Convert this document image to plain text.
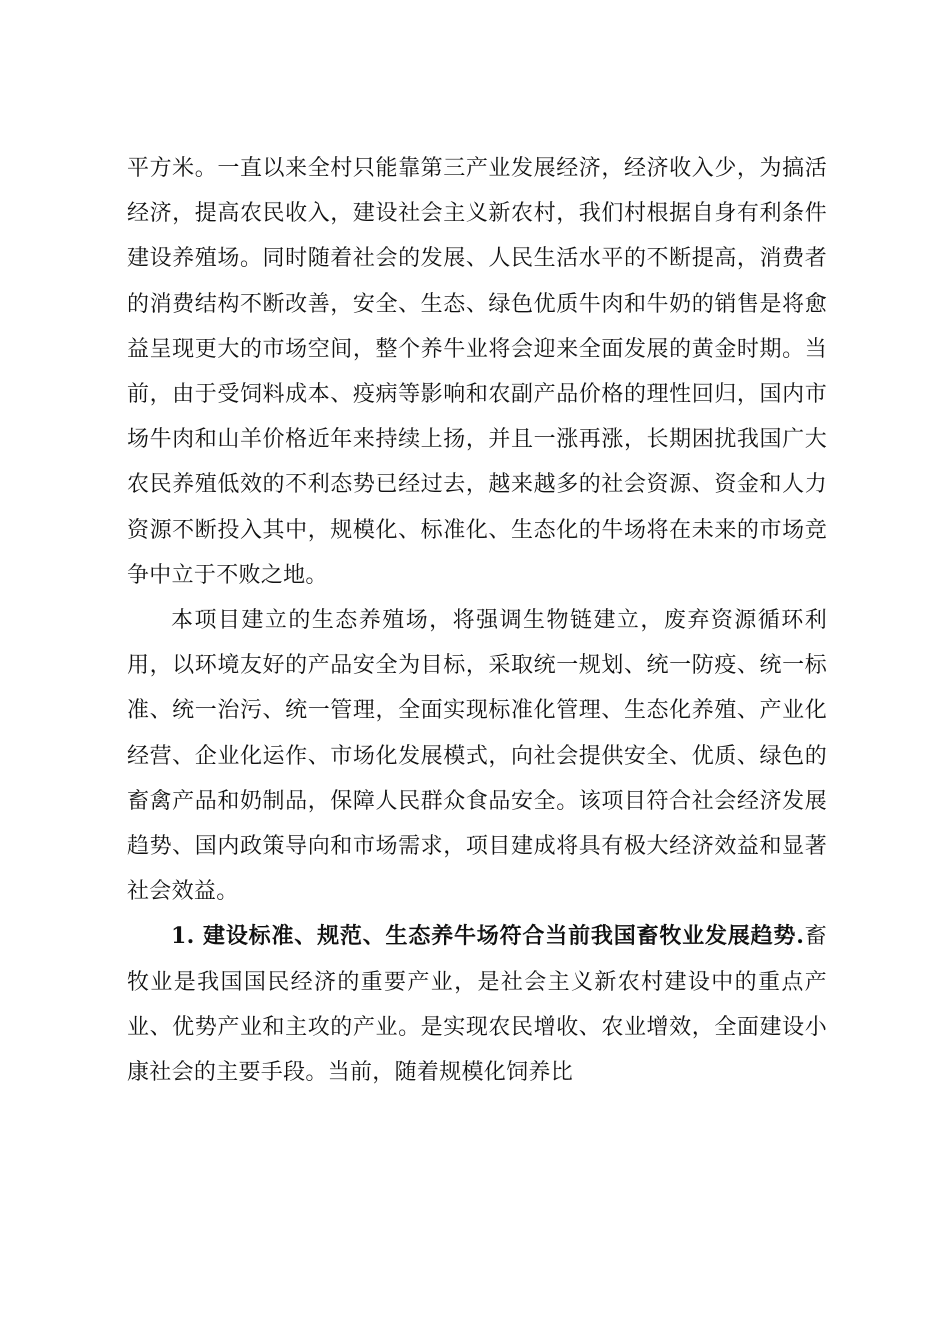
平方米。一直以来全村只能靠第三产业发展经济，经济收入少，为搞活经济，提高农民收入，建设社会主义新农村，我们村根据自身有利条件建设养殖场。同时随着社会的发展、人民生活水平的不断提高，消费者的消费结构不断改善，安全、生态、绿色优质牛肉和牛奶的销售是将愈益呈现更大的市场空间，整个养牛业将会迎来全面发展的黄金时期。当前，由于受饲料成本、疫病等影响和农副产品价格的理性回归，国内市场牛肉和山羊价格近年来持续上扬，并且一涨再涨，长期困扰我国广大农民养殖低效的不利态势已经过去，越来越多的社会资源、资金和人力资源不断投入其中，规模化、标准化、生态化的牛场将在未来的市场竞争中立于不败之地。

本项目建立的生态养殖场，将强调生物链建立，废弃资源循环利用，以环境友好的产品安全为目标，采取统一规划、统一防疫、统一标准、统一治污、统一管理，全面实现标准化管理、生态化养殖、产业化经营、企业化运作、市场化发展模式，向社会提供安全、优质、绿色的畜禽产品和奶制品，保障人民群众食品安全。该项目符合社会经济发展趋势、国内政策导向和市场需求，项目建成将具有极大经济效益和显著社会效益。

1. 建设标准、规范、生态养牛场符合当前我国畜牧业发展趋势.畜牧业是我国国民经济的重要产业，是社会主义新农村建设中的重点产业、优势产业和主攻的产业。是实现农民增收、农业增效，全面建设小康社会的主要手段。当前，随着规模化饲养比
